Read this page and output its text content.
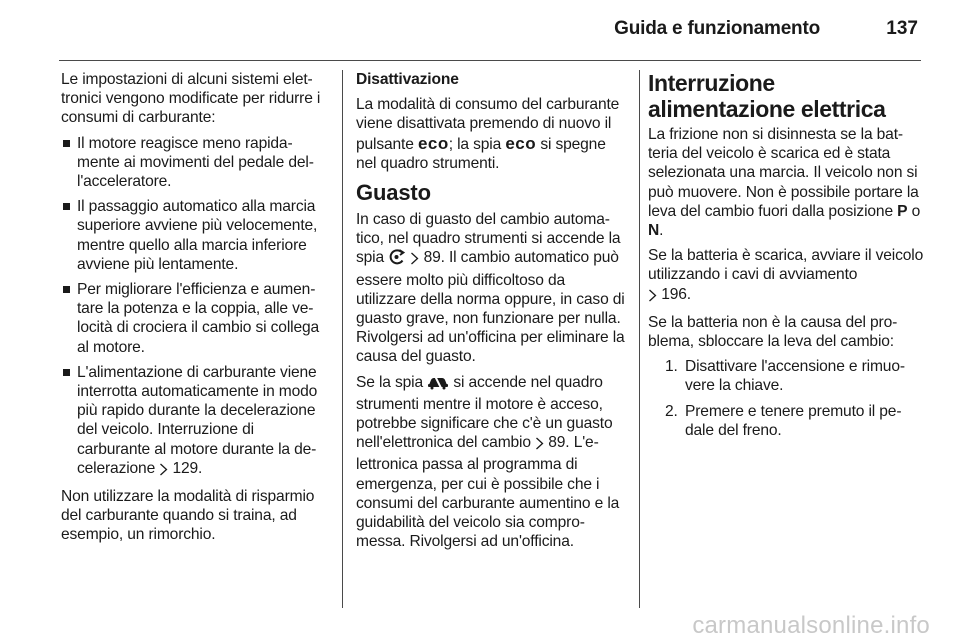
Guida e funzionamento	137

Le impostazioni di alcuni sistemi elettronici vengono modificate per ridurre i consumi di carburante:

Il motore reagisce meno rapidamente ai movimenti del pedale dell'acceleratore.
Il passaggio automatico alla marcia superiore avviene più velocemente, mentre quello alla marcia inferiore avviene più lentamente.
Per migliorare l'efficienza e aumentare la potenza e la coppia, alle velocità di crociera il cambio si collega al motore.
L'alimentazione di carburante viene interrotta automaticamente in modo più rapido durante la decelerazione del veicolo. Interruzione di carburante al motore durante la decelerazione 129.

Non utilizzare la modalità di risparmio del carburante quando si traina, ad esempio, un rimorchio.

Disattivazione

La modalità di consumo del carburante viene disattivata premendo di nuovo il pulsante eco; la spia eco si spegne nel quadro strumenti.

Guasto

In caso di guasto del cambio automatico, nel quadro strumenti si accende la spia	89. Il cambio automatico può essere molto più difficoltoso da utilizzare della norma oppure, in caso di guasto grave, non funzionare per nulla. Rivolgersi ad un'officina per eliminare la causa del guasto.

Se la spia si accende nel quadro strumenti mentre il motore è acceso, potrebbe significare che c'è un guasto nell'elettronica del cambio 89. L'elettronica passa al programma di emergenza, per cui è possibile che i consumi del carburante aumentino e la guidabilità del veicolo sia compromessa. Rivolgersi ad un'officina.

Interruzione alimentazione elettrica

La frizione non si disinnesta se la batteria del veicolo è scarica ed è stata selezionata una marcia. Il veicolo non si può muovere. Non è possibile portare la leva del cambio fuori dalla posizione P o N.

Se la batteria è scarica, avviare il veicolo utilizzando i cavi di avviamento
196.

Se la batteria non è la causa del problema, sbloccare la leva del cambio:

1. Disattivare l'accensione e rimuovere la chiave.
2. Premere e tenere premuto il pedale del freno.
carmanualsonline.info
